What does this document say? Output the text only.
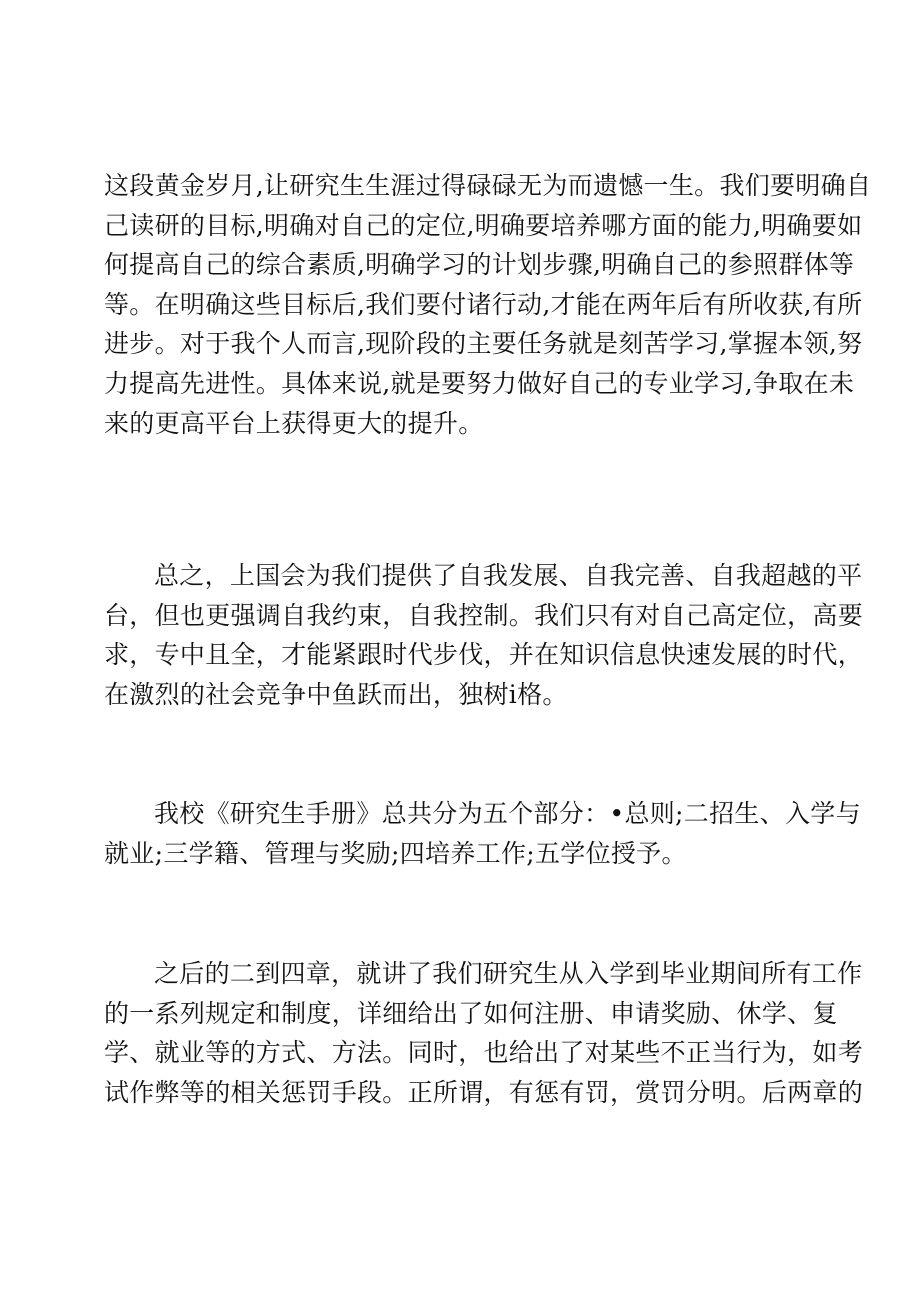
这段黄金岁月,让研究生生涯过得碌碌无为而遗憾一生。我们要明确自
己读研的目标,明确对自己的定位,明确要培养哪方面的能力,明确要如
何提高自己的综合素质,明确学习的计划步骤,明确自己的参照群体等
等。在明确这些目标后,我们要付诸行动,才能在两年后有所收获,有所
进步。对于我个人而言,现阶段的主要任务就是刻苦学习,掌握本领,努
力提高先进性。具体来说,就是要努力做好自己的专业学习,争取在未
来的更高平台上获得更大的提升。

总之，上国会为我们提供了自我发展、自我完善、自我超越的平
台，但也更强调自我约束，自我控制。我们只有对自己高定位，高要
求，专中且全，才能紧跟时代步伐，并在知识信息快速发展的时代，
在激烈的社会竞争中鱼跃而出，独树i格。

我校《研究生手册》总共分为五个部分：•总则;二招生、入学与
就业;三学籍、管理与奖励;四培养工作;五学位授予。

之后的二到四章，就讲了我们研究生从入学到毕业期间所有工作
的一系列规定和制度，详细给出了如何注册、申请奖励、休学、复
学、就业等的方式、方法。同时，也给出了对某些不正当行为，如考
试作弊等的相关惩罚手段。正所谓，有惩有罚，赏罚分明。后两章的
